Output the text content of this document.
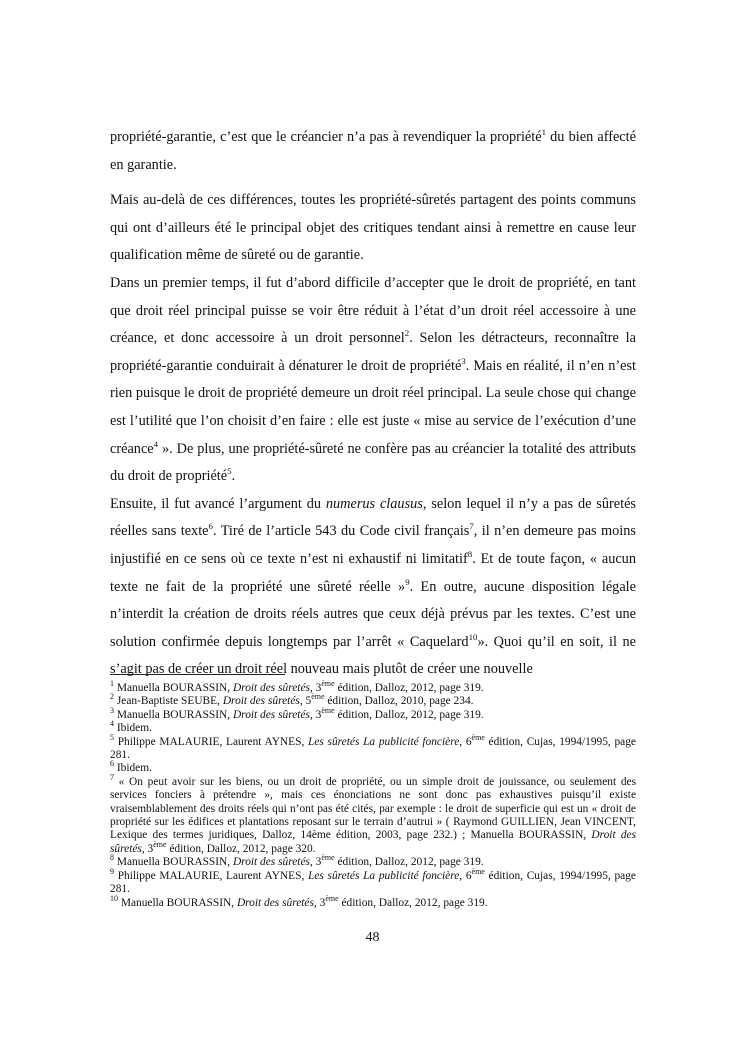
propriété-garantie, c’est que le créancier n’a pas à revendiquer la propriété$^1$ du bien affecté en garantie.

Mais au-delà de ces différences, toutes les propriété-sûretés partagent des points communs qui ont d’ailleurs été le principal objet des critiques tendant ainsi à remettre en cause leur qualification même de sûreté ou de garantie.

Dans un premier temps, il fut d’abord difficile d’accepter que le droit de propriété, en tant que droit réel principal puisse se voir être réduit à l’état d’un droit réel accessoire à une créance, et donc accessoire à un droit personnel$^2$. Selon les détracteurs, reconnaître la propriété-garantie conduirait à dénaturer le droit de propriété$^3$. Mais en réalité, il n’en n’est rien puisque le droit de propriété demeure un droit réel principal. La seule chose qui change est l’utilité que l’on choisit d’en faire : elle est juste « mise au service de l’exécution d’une créance$^4$ ». De plus, une propriété-sûreté ne confère pas au créancier la totalité des attributs du droit de propriété$^5$.

Ensuite, il fut avancé l’argument du numerus clausus, selon lequel il n’y a pas de sûretés réelles sans texte$^6$. Tiré de l’article 543 du Code civil français$^7$, il n’en demeure pas moins injustifié en ce sens où ce texte n’est ni exhaustif ni limitatif$^8$. Et de toute façon, « aucun texte ne fait de la propriété une sûreté réelle »$^9$. En outre, aucune disposition légale n’interdit la création de droits réels autres que ceux déjà prévus par les textes. C’est une solution confirmée depuis longtemps par l’arrêt « Caquelard$^{10}$». Quoi qu’il en soit, il ne s’agit pas de créer un droit réel nouveau mais plutôt de créer une nouvelle

$^1$ Manuella BOURASSIN, Droit des sûretés, 3ème édition, Dalloz, 2012, page 319.

$^2$ Jean-Baptiste SEUBE, Droit des sûretés, 5ème édition, Dalloz, 2010, page 234.

$^3$ Manuella BOURASSIN, Droit des sûretés, 3ème édition, Dalloz, 2012, page 319.

$^4$ Ibidem.

$^5$ Philippe MALAURIE, Laurent AYNES, Les sûretés La publicité foncière, 6ème édition, Cujas, 1994/1995, page 281.

$^6$ Ibidem.

$^7$ « On peut avoir sur les biens, ou un droit de propriété, ou un simple droit de jouissance, ou seulement des services fonciers à prétendre », mais ces énonciations ne sont donc pas exhaustives puisqu’il existe vraisemblablement des droits réels qui n’ont pas été cités, par exemple : le droit de superficie qui est un « droit de propriété sur les édifices et plantations reposant sur le terrain d’autrui » ( Raymond GUILLIEN, Jean VINCENT, Lexique des termes juridiques, Dalloz, 14ème édition, 2003, page 232.) ; Manuella BOURASSIN, Droit des sûretés, 3ème édition, Dalloz, 2012, page 320.

$^8$ Manuella BOURASSIN, Droit des sûretés, 3ème édition, Dalloz, 2012, page 319.

$^9$ Philippe MALAURIE, Laurent AYNES, Les sûretés La publicité foncière, 6ème édition, Cujas, 1994/1995, page 281.

$^{10}$ Manuella BOURASSIN, Droit des sûretés, 3ème édition, Dalloz, 2012, page 319.

48
